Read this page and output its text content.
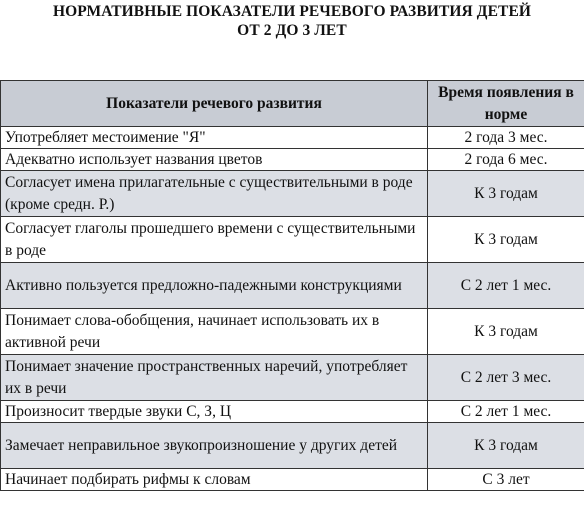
НОРМАТИВНЫЕ ПОКАЗАТЕЛИ РЕЧЕВОГО РАЗВИТИЯ ДЕТЕЙ
ОТ 2 ДО 3 ЛЕТ
Показатели речевого развития	Время появления в норме
Употребляет местоимение "Я"	2 года 3 мес.
Адекватно использует названия цветов	2 года 6 мес.
Согласует имена прилагательные с существительными в роде (кроме средн. Р.)	К 3 годам
Согласует глаголы прошедшего времени с существительными в роде	К 3 годам
Активно пользуется предложно-падежными конструкциями	С 2 лет 1 мес.
Понимает слова-обобщения, начинает использовать их в активной речи	К 3 годам
Понимает значение пространственных наречий, употребляет их в речи	С 2 лет 3 мес.
Произносит твердые звуки С, З, Ц	С 2 лет 1 мес.
Замечает неправильное звукопроизношение у других детей	К 3 годам
Начинает подбирать рифмы к словам	С 3 лет
